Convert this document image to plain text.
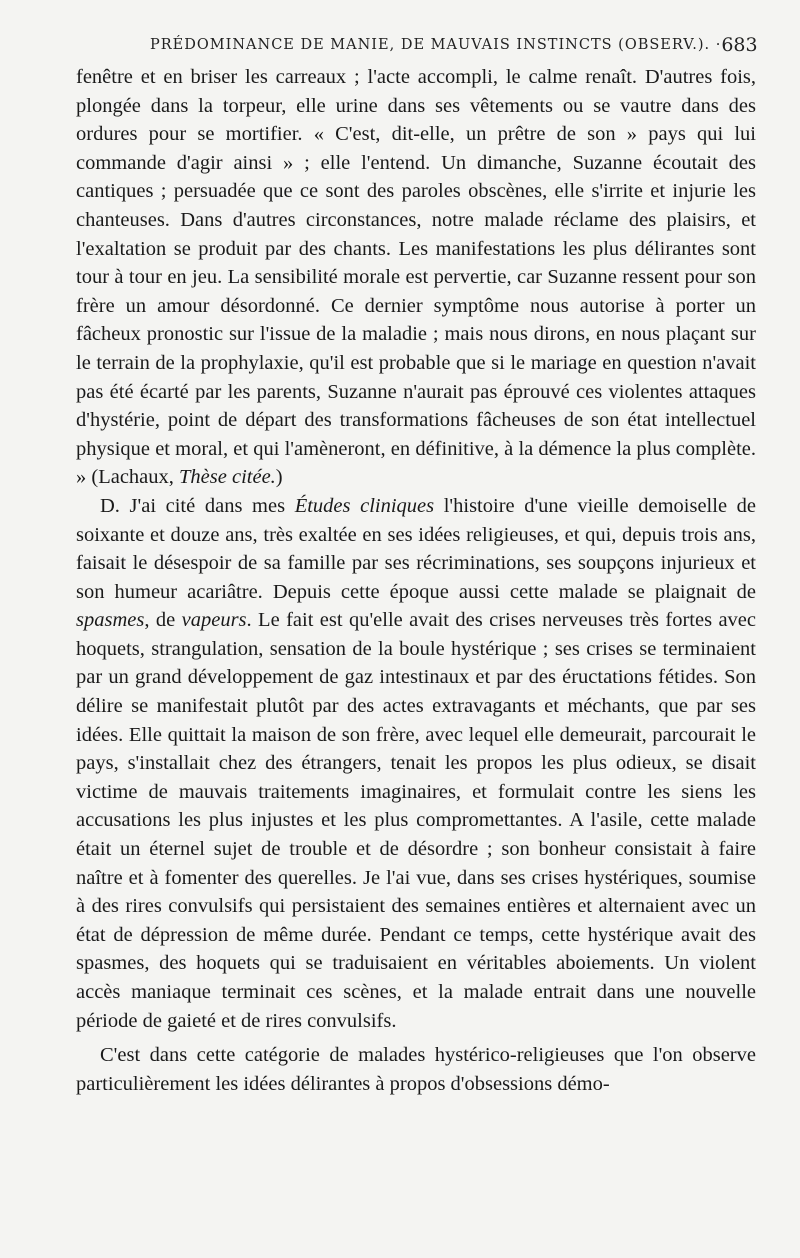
PRÉDOMINANCE DE MANIE, DE MAUVAIS INSTINCTS (OBSERV.). · 683

fenêtre et en briser les carreaux ; l'acte accompli, le calme renaît. D'autres fois, plongée dans la torpeur, elle urine dans ses vêtements ou se vautre dans des ordures pour se mortifier. « C'est, dit-elle, un prêtre de son » pays qui lui commande d'agir ainsi » ; elle l'entend. Un dimanche, Suzanne écoutait des cantiques ; persuadée que ce sont des paroles obscènes, elle s'irrite et injurie les chanteuses. Dans d'autres circonstances, notre malade réclame des plaisirs, et l'exaltation se produit par des chants. Les manifestations les plus délirantes sont tour à tour en jeu. La sensibilité morale est pervertie, car Suzanne ressent pour son frère un amour désordonné. Ce dernier symptôme nous autorise à porter un fâcheux pronostic sur l'issue de la maladie ; mais nous dirons, en nous plaçant sur le terrain de la prophylaxie, qu'il est probable que si le mariage en question n'avait pas été écarté par les parents, Suzanne n'aurait pas éprouvé ces violentes attaques d'hystérie, point de départ des transformations fâcheuses de son état intellectuel physique et moral, et qui l'amèneront, en définitive, à la démence la plus complète. » (Lachaux, Thèse citée.)

D. J'ai cité dans mes Études cliniques l'histoire d'une vieille demoiselle de soixante et douze ans, très exaltée en ses idées religieuses, et qui, depuis trois ans, faisait le désespoir de sa famille par ses récriminations, ses soupçons injurieux et son humeur acariâtre. Depuis cette époque aussi cette malade se plaignait de spasmes, de vapeurs. Le fait est qu'elle avait des crises nerveuses très fortes avec hoquets, strangulation, sensation de la boule hystérique ; ses crises se terminaient par un grand développement de gaz intestinaux et par des éructations fétides. Son délire se manifestait plutôt par des actes extravagants et méchants, que par ses idées. Elle quittait la maison de son frère, avec lequel elle demeurait, parcourait le pays, s'installait chez des étrangers, tenait les propos les plus odieux, se disait victime de mauvais traitements imaginaires, et formulait contre les siens les accusations les plus injustes et les plus compromettantes. A l'asile, cette malade était un éternel sujet de trouble et de désordre ; son bonheur consistait à faire naître et à fomenter des querelles. Je l'ai vue, dans ses crises hystériques, soumise à des rires convulsifs qui persistaient des semaines entières et alternaient avec un état de dépression de même durée. Pendant ce temps, cette hystérique avait des spasmes, des hoquets qui se traduisaient en véritables aboiements. Un violent accès maniaque terminait ces scènes, et la malade entrait dans une nouvelle période de gaieté et de rires convulsifs.

C'est dans cette catégorie de malades hystérico-religieuses que l'on observe particulièrement les idées délirantes à propos d'obsessions démo-
